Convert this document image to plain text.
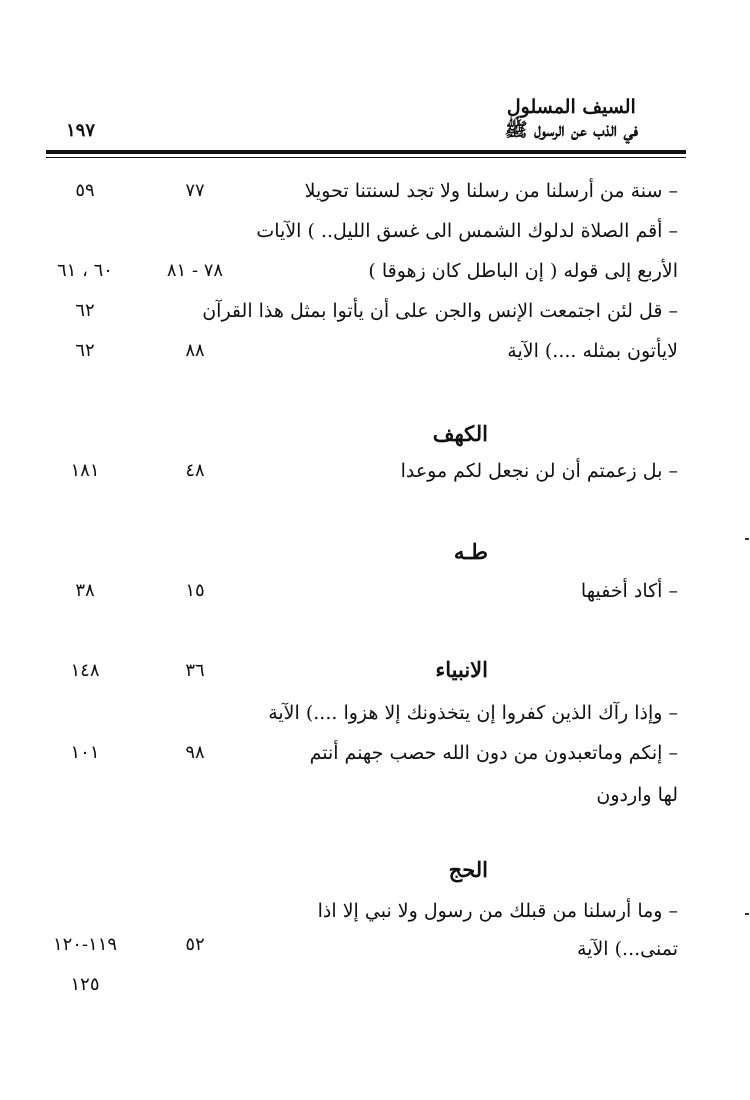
١٩٧
السيف المسلول
في الذب عن الرسول ﷺ
– سنة من أرسلنا من رسلنا ولا تجد لسنتنا تحويلا
٧٧
٥٩
– أقم الصلاة لدلوك الشمس الى غسق الليل.. ) الآيات
الأربع إلى قوله ( إن الباطل كان زهوقا )
٧٨ - ٨١
٦٠ ، ٦١
– قل لئن اجتمعت الإنس والجن على أن يأتوا بمثل هذا القرآن
٦٢
لايأتون بمثله ....) الآية
٨٨
٦٢
الكهف
– بل زعمتم أن لن نجعل لكم موعدا
٤٨
١٨١
طـه
– أكاد أخفيها
١٥
٣٨
الانبياء
٣٦
١٤٨
– وإذا رآك الذين كفروا إن يتخذونك إلا هزوا ....) الآية
– إنكم وماتعبدون من دون الله حصب جهنم أنتم
٩٨
١٠١
لها واردون
الحج
– وما أرسلنا من قبلك من رسول ولا نبي إلا اذا
تمنى...) الآية
٥٢
١١٩-١٢٠
١٢٥
